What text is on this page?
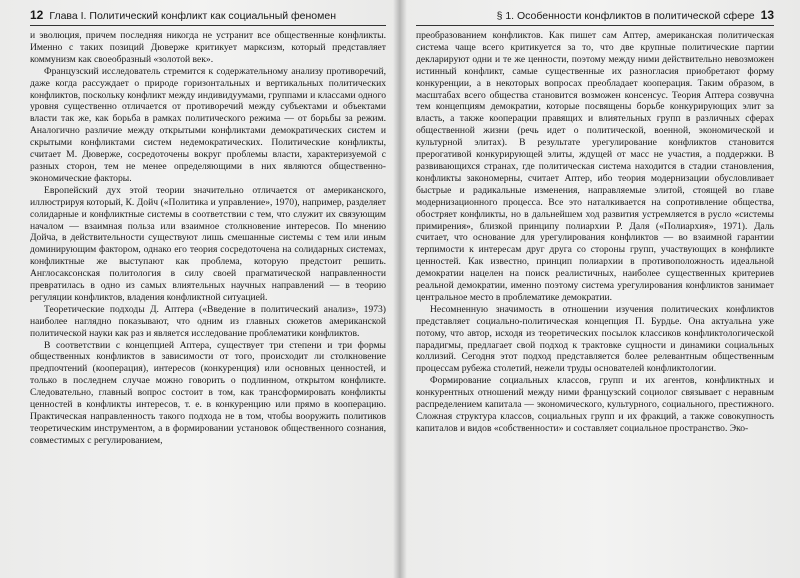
12 Глава I. Политический конфликт как социальный феномен

и эволюция, причем последняя никогда не устранит все общественные конфликты. Именно с таких позиций Дюверже критикует марксизм, который представляет коммунизм как своеобразный «золотой век».

Французский исследователь стремится к содержательному анализу противоречий, даже когда рассуждает о природе горизонтальных и вертикальных политических конфликтов, поскольку конфликт между индивидуумами, группами и классами одного уровня существенно отличается от противоречий между субъектами и объектами власти так же, как борьба в рамках политического режима — от борьбы за режим. Аналогично различие между открытыми конфликтами демократических систем и скрытыми конфликтами систем недемократических. Политические конфликты, считает М. Дюверже, сосредоточены вокруг проблемы власти, характеризуемой с разных сторон, тем не менее определяющими в них являются общественно-экономические факторы.

Европейский дух этой теории значительно отличается от американского, иллюстрируя который, К. Дойч («Политика и управление», 1970), например, разделяет солидарные и конфликтные системы в соответствии с тем, что служит их связующим началом — взаимная польза или взаимное столкновение интересов. По мнению Дойча, в действительности существуют лишь смешанные системы с тем или иным доминирующим фактором, однако его теория сосредоточена на солидарных системах, конфликтные же выступают как проблема, которую предстоит решить. Англосаксонская политология в силу своей прагматической направленности превратилась в одно из самых влиятельных научных направлений — в теорию регуляции конфликтов, владения конфликтной ситуацией.

Теоретические подходы Д. Аптера («Введение в политический анализ», 1973) наиболее наглядно показывают, что одним из главных сюжетов американской политической науки как раз и является исследование проблематики конфликтов.

В соответствии с концепцией Аптера, существует три степени и три формы общественных конфликтов в зависимости от того, происходит ли столкновение предпочтений (кооперация), интересов (конкуренция) или основных ценностей, и только в последнем случае можно говорить о подлинном, открытом конфликте. Следовательно, главный вопрос состоит в том, как трансформировать конфликты ценностей в конфликты интересов, т. е. в конкуренцию или прямо в кооперацию. Практическая направленность такого подхода не в том, чтобы вооружить политиков теоретическим инструментом, а в формировании установок общественного сознания, совместимых с регулированием,

§ 1. Особенности конфликтов в политической сфере 13

преобразованием конфликтов. Как пишет сам Аптер, американская политическая система чаще всего критикуется за то, что две крупные политические партии декларируют одни и те же ценности, поэтому между ними действительно невозможен истинный конфликт, самые существенные их разногласия приобретают форму конкуренции, а в некоторых вопросах преобладает кооперация. Таким образом, в масштабах всего общества становится возможен консенсус. Теория Аптера созвучна тем концепциям демократии, которые посвящены борьбе конкурирующих элит за власть, а также кооперации правящих и влиятельных групп в различных сферах общественной жизни (речь идет о политической, военной, экономической и культурной элитах). В результате урегулирование конфликтов становится прерогативой конкурирующей элиты, ждущей от масс не участия, а поддержки. В развивающихся странах, где политическая система находится в стадии становления, конфликты закономерны, считает Аптер, ибо теория модернизации обусловливает быстрые и радикальные изменения, направляемые элитой, стоящей во главе модернизационного процесса. Все это наталкивается на сопротивление общества, обостряет конфликты, но в дальнейшем ход развития устремляется в русло «системы примирения», близкой принципу полиархии Р. Даля («Полиархия», 1971). Даль считает, что основание для урегулирования конфликтов — во взаимной гарантии терпимости к интересам друг друга со стороны групп, участвующих в конфликте ценностей. Как известно, принцип полиархии в противоположность идеальной демократии нацелен на поиск реалистичных, наиболее существенных критериев реальной демократии, именно поэтому система урегулирования конфликтов занимает центральное место в проблематике демократии.

Несомненную значимость в отношении изучения политических конфликтов представляет социально-политическая концепция П. Бурдье. Она актуальна уже потому, что автор, исходя из теоретических посылок классиков конфликтологической парадигмы, предлагает свой подход к трактовке сущности и динамики социальных коллизий. Сегодня этот подход представляется более релевантным общественным процессам рубежа столетий, нежели труды основателей конфликтологии.

Формирование социальных классов, групп и их агентов, конфликтных и конкурентных отношений между ними французский социолог связывает с неравным распределением капитала — экономического, культурного, социального, престижного. Сложная структура классов, социальных групп и их фракций, а также совокупность капиталов и видов «собственности» и составляет социальное пространство. Эко-
